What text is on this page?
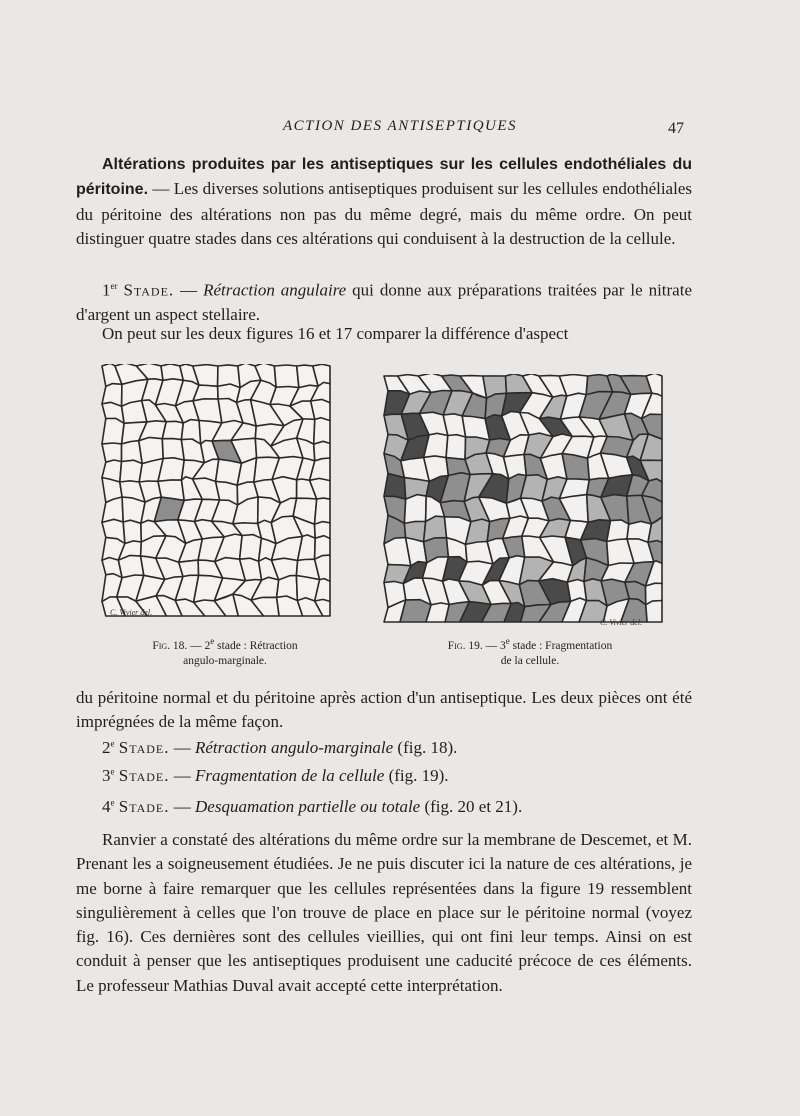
ACTION DES ANTISEPTIQUES	47

Altérations produites par les antiseptiques sur les cellules endothéliales du péritoine. — Les diverses solutions antiseptiques produisent sur les cellules endothéliales du péritoine des altérations non pas du même degré, mais du même ordre. On peut distinguer quatre stades dans ces altérations qui conduisent à la destruction de la cellule.

1er Stade. — Rétraction angulaire qui donne aux préparations traitées par le nitrate d'argent un aspect stellaire.

On peut sur les deux figures 16 et 17 comparer la différence d'aspect

C. Vivier del.
C. Vivier del.
Fig. 18. — 2e stade : Rétraction
angulo-marginale.
Fig. 19. — 3e stade : Fragmentation
de la cellule.

du péritoine normal et du péritoine après action d'un antiseptique. Les deux pièces ont été imprégnées de la même façon.

2e Stade. — Rétraction angulo-marginale (fig. 18).

3e Stade. — Fragmentation de la cellule (fig. 19).

4e Stade. — Desquamation partielle ou totale (fig. 20 et 21).

Ranvier a constaté des altérations du même ordre sur la membrane de Descemet, et M. Prenant les a soigneusement étudiées. Je ne puis discuter ici la nature de ces altérations, je me borne à faire remarquer que les cellules représentées dans la figure 19 ressemblent singulièrement à celles que l'on trouve de place en place sur le péritoine normal (voyez fig. 16). Ces dernières sont des cellules vieillies, qui ont fini leur temps. Ainsi on est conduit à penser que les antiseptiques produisent une caducité précoce de ces éléments. Le professeur Mathias Duval avait accepté cette interprétation.
